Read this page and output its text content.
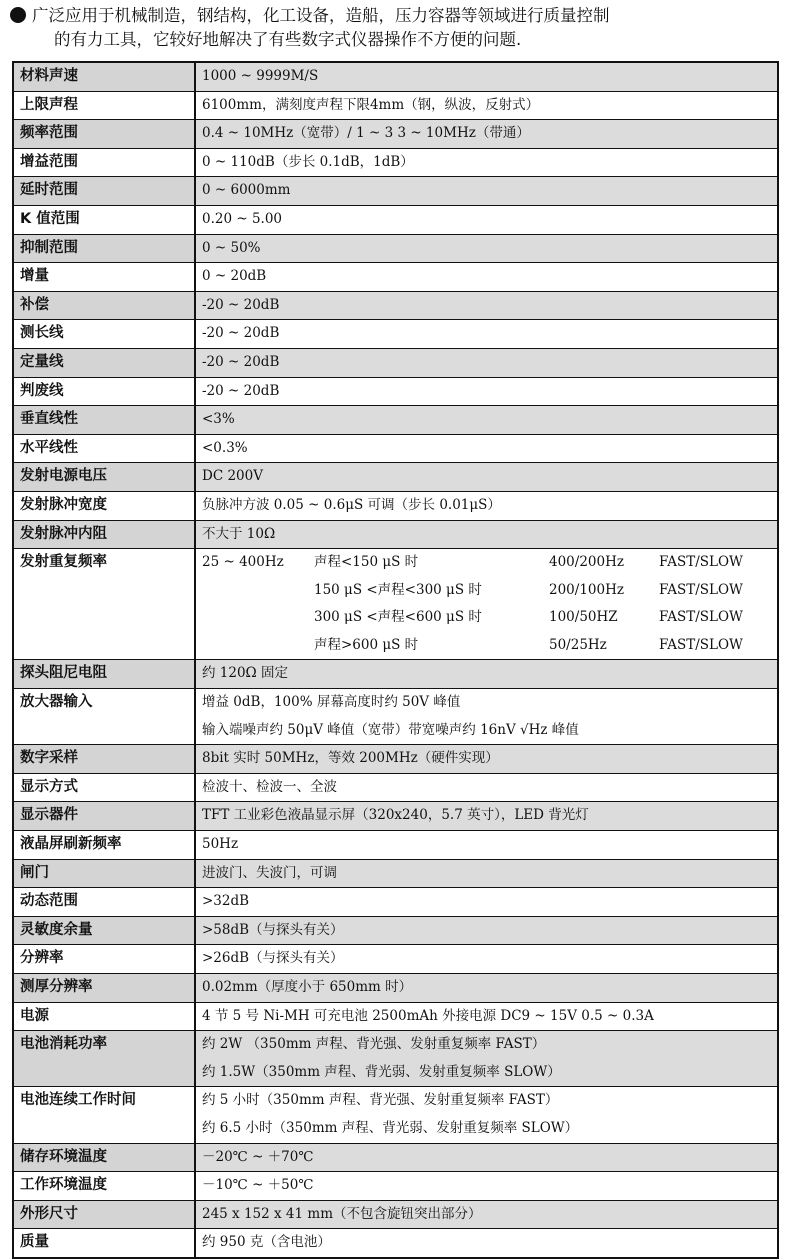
广泛应用于机械制造，钢结构，化工设备，造船，压力容器等领域进行质量控制
的有力工具，它较好地解决了有些数字式仪器操作不方便的问题.
材料声速	1000 ~ 9999M/S
上限声程	6100mm，满刻度声程下限4mm（钢，纵波，反射式）
频率范围	0.4 ~ 10MHz（宽带）/ 1 ~ 3 3 ~ 10MHz（带通）
增益范围	0 ~ 110dB（步长 0.1dB，1dB）
延时范围	0 ~ 6000mm
K 值范围	0.20 ~ 5.00
抑制范围	0 ~ 50%
增量	0 ~ 20dB
补偿	-20 ~ 20dB
测长线	-20 ~ 20dB
定量线	-20 ~ 20dB
判废线	-20 ~ 20dB
垂直线性	<3%
水平线性	<0.3%
发射电源电压	DC 200V
发射脉冲宽度	负脉冲方波 0.05 ~ 0.6μS 可调（步长 0.01μS）
发射脉冲内阻	不大于 10Ω
发射重复频率	25 ~ 400Hz 声程<150 μS 时 400/200Hz FAST/SLOW
150 μS <声程<300 μS 时 200/100Hz FAST/SLOW
300 μS <声程<600 μS 时 100/50HZ FAST/SLOW
声程>600 μS 时 50/25Hz FAST/SLOW

探头阻尼电阻	约 120Ω 固定
放大器输入	增益 0dB，100% 屏幕高度时约 50V 峰值
输入端噪声约 50μV 峰值（宽带）带宽噪声约 16nV √Hz 峰值

数字采样	8bit 实时 50MHz，等效 200MHz（硬件实现）
显示方式	检波十、检波一、全波
显示器件	TFT 工业彩色液晶显示屏（320x240，5.7 英寸），LED 背光灯
液晶屏刷新频率	50Hz
闸门	进波门、失波门，可调
动态范围	>32dB
灵敏度余量	>58dB（与探头有关）
分辨率	>26dB（与探头有关）
测厚分辨率	0.02mm（厚度小于 650mm 时）
电源	4 节 5 号 Ni-MH 可充电池 2500mAh 外接电源 DC9 ~ 15V 0.5 ~ 0.3A
电池消耗功率	约 2W （350mm 声程、背光强、发射重复频率 FAST）
约 1.5W（350mm 声程、背光弱、发射重复频率 SLOW）

电池连续工作时间	约 5 小时（350mm 声程、背光强、发射重复频率 FAST）
约 6.5 小时（350mm 声程、背光弱、发射重复频率 SLOW）

储存环境温度	－20℃ ~ ＋70℃
工作环境温度	－10℃ ~ ＋50℃
外形尺寸	245 x 152 x 41 mm（不包含旋钮突出部分）
质量	约 950 克（含电池）
